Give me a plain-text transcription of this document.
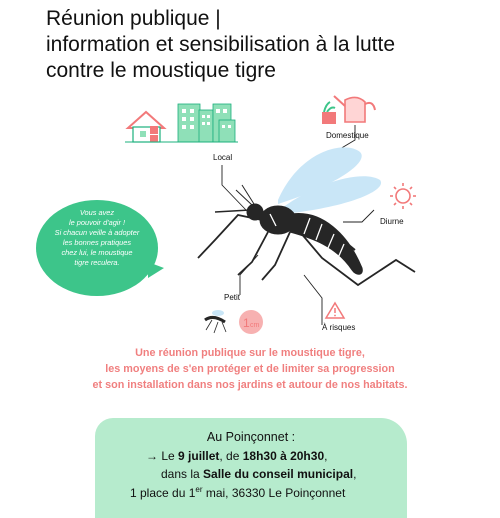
Réunion publique |
information et sensibilisation à la lutte
contre le moustique tigre
1 cm
Local
Domestique
Diurne
Petit
À risques
Vous avez
le pouvoir d'agir !
Si chacun veille à adopter
les bonnes pratiques
chez lui, le moustique
tigre reculera.
Une réunion publique sur le moustique tigre,
les moyens de s'en protéger et de limiter sa progression
et son installation dans nos jardins et autour de nos habitats.
Au Poinçonnet :
→ Le 9 juillet, de 18h30 à 20h30,
dans la Salle du conseil municipal,
1 place du 1er mai, 36330 Le Poinçonnet
